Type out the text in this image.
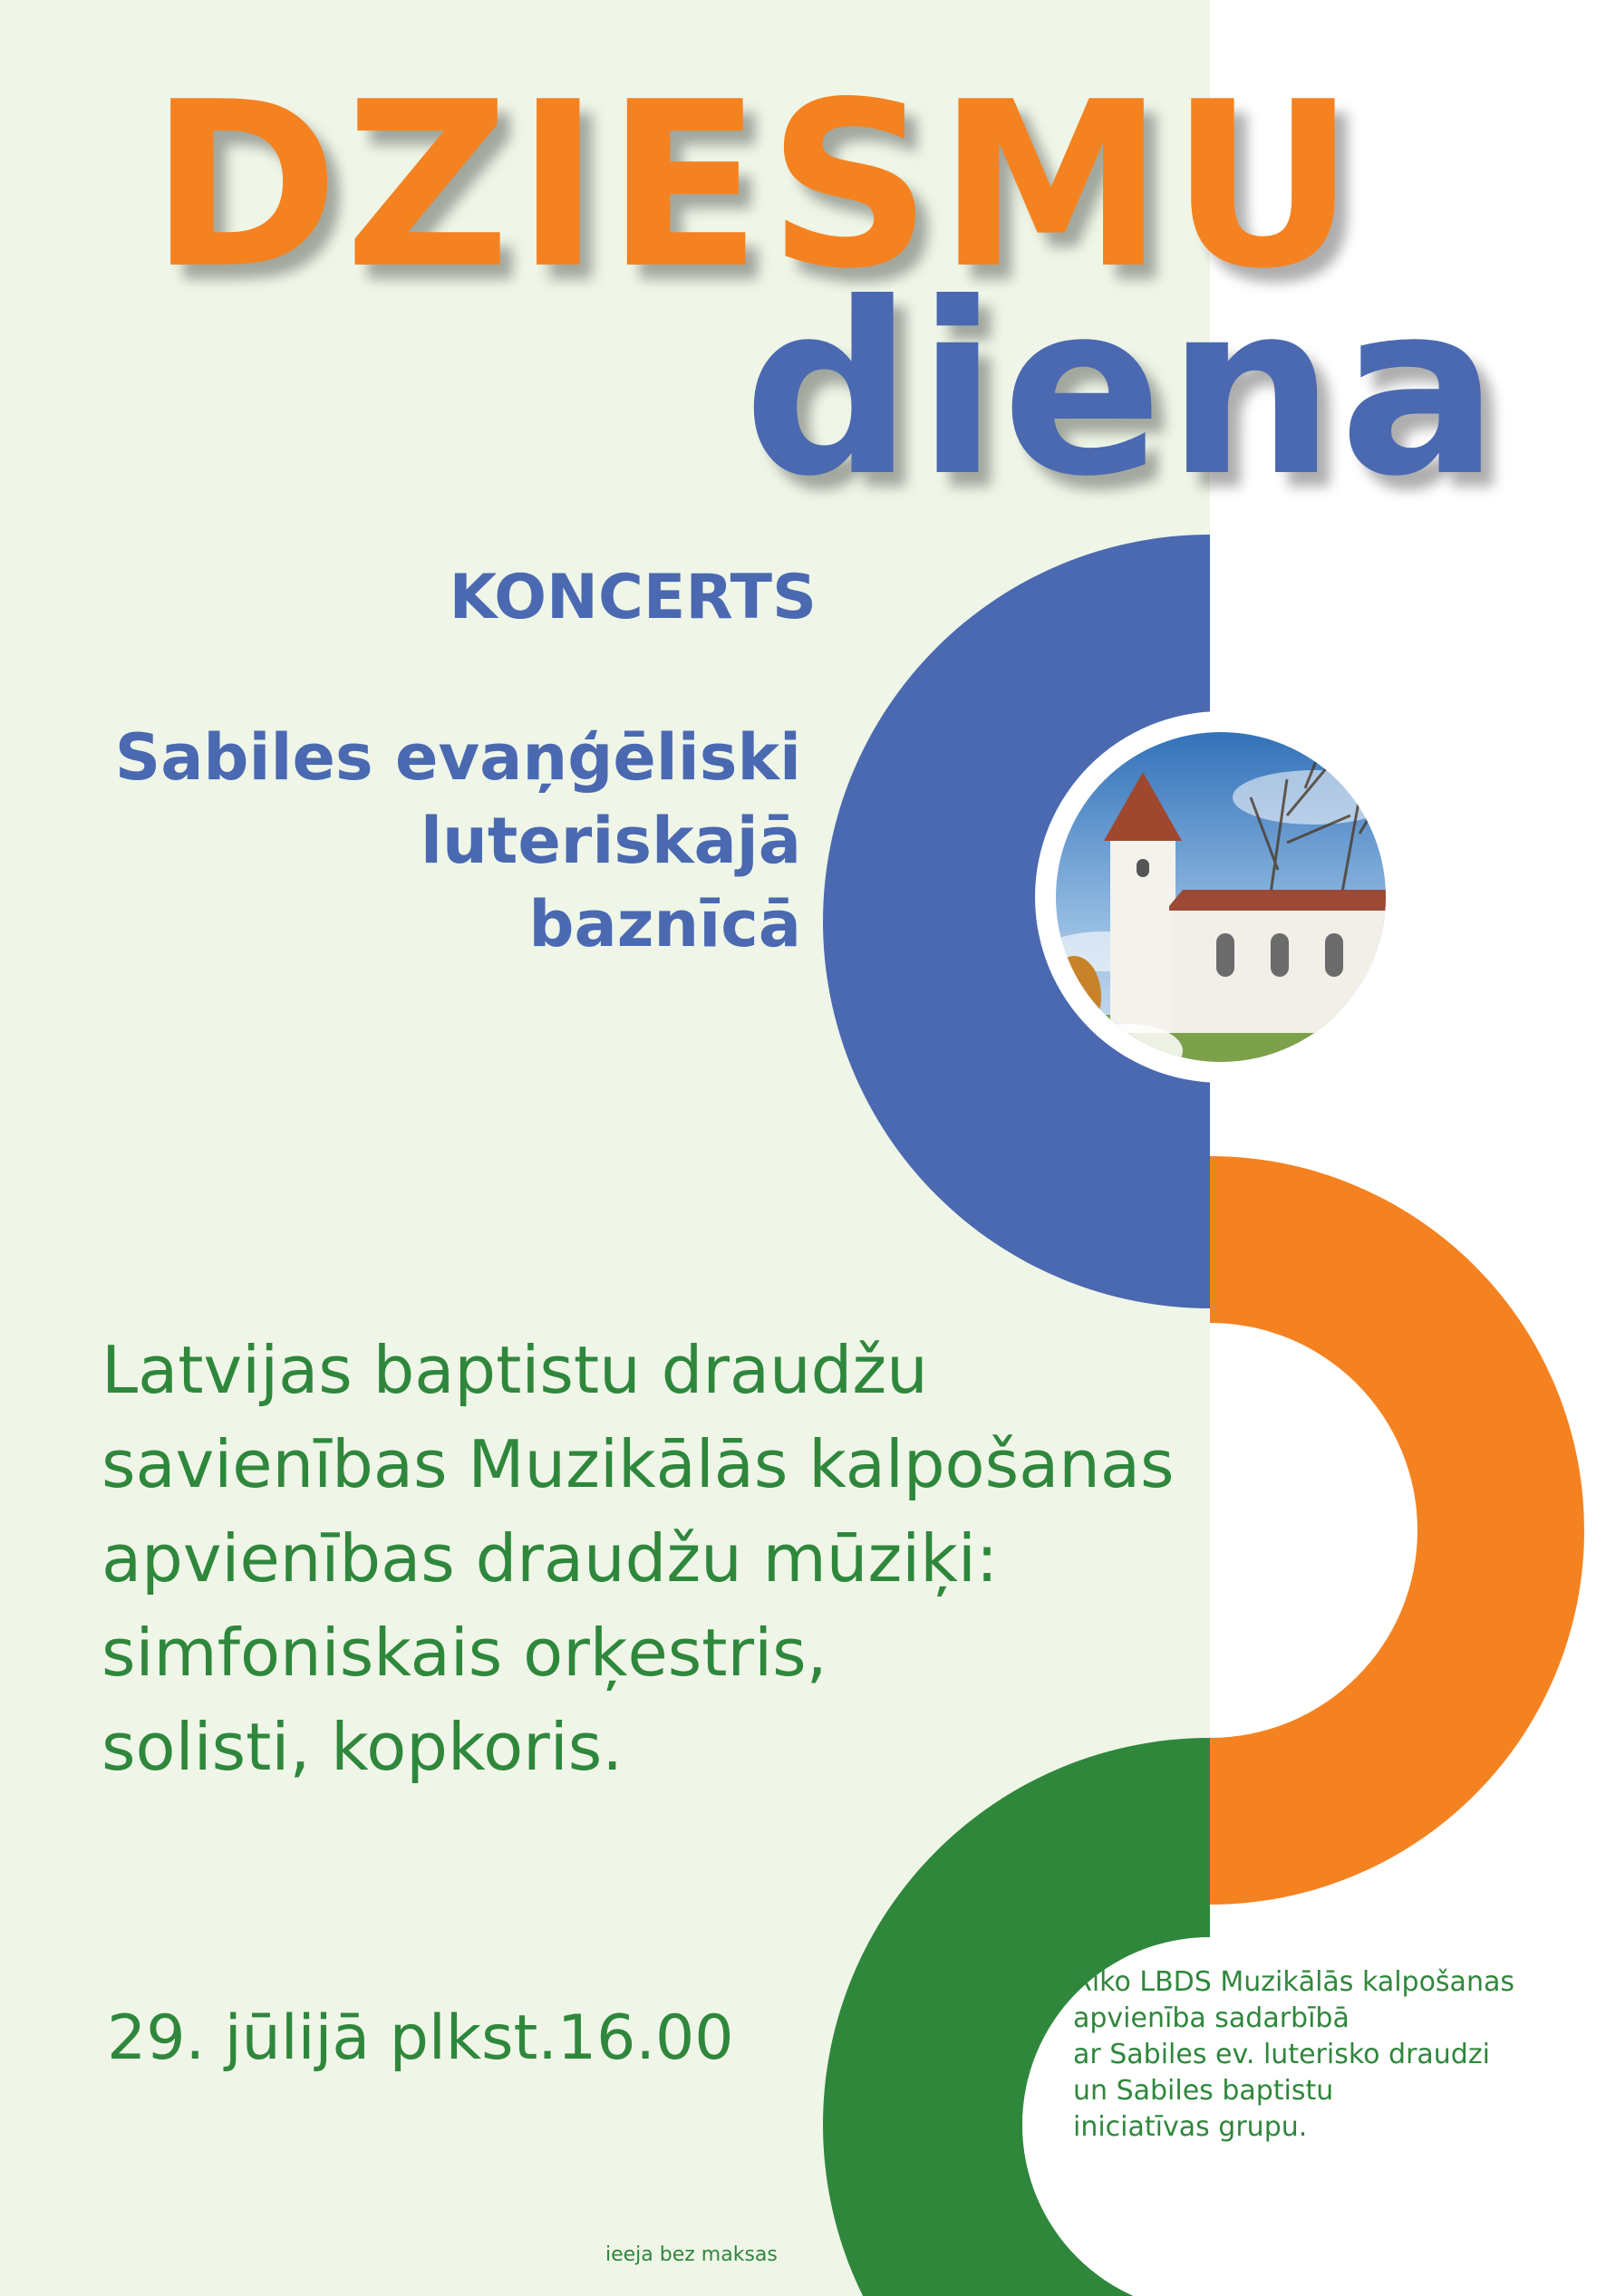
DZIESMU
diena
KONCERTS
Sabiles evaņģēliski
luteriskajā
baznīcā

Latvijas baptistu draudžu
savienības Muzikālās kalpošanas
apvienības draudžu mūziķi:
simfoniskais orķestris,
solisti, kopkoris.

29. jūlijā plkst.16.00

Rīko LBDS Muzikālās kalpošanas
apvienība sadarbībā
ar Sabiles ev. luterisko draudzi
un Sabiles baptistu
iniciatīvas grupu.

ieeja bez maksas
